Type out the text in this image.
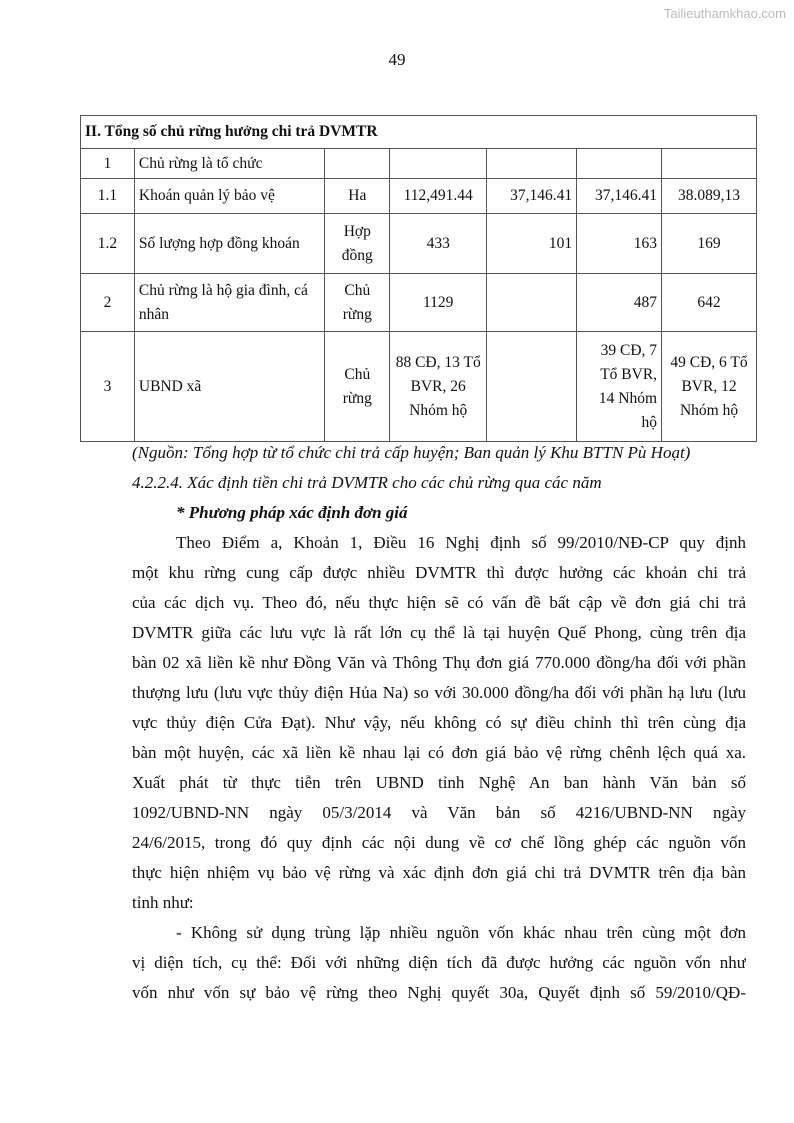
Tailieuthamkhao.com
49
II. Tổng số chủ rừng hưởng chi trả DVMTR						
1	Chủ rừng là tổ chức					
1.1	Khoán quản lý bảo vệ	Ha	112,491.44	37,146.41	37,146.41	38.089,13
1.2	Số lượng hợp đồng khoán	Hợp đồng	433	101	163	169
2	Chủ rừng là hộ gia đình, cá nhân	Chủ rừng	1129		487	642
3	UBND xã	Chủ rừng	88 CĐ, 13 Tổ BVR, 26 Nhóm hộ		39 CĐ, 7 Tổ BVR, 14 Nhóm hộ	49 CĐ, 6 Tổ BVR, 12 Nhóm hộ
(Nguồn: Tổng hợp từ tổ chức chi trả cấp huyện; Ban quản lý Khu BTTN Pù Hoạt)
4.2.2.4. Xác định tiền chi trả DVMTR cho các chủ rừng qua các năm
* Phương pháp xác định đơn giá
Theo Điểm a, Khoản 1, Điều 16 Nghị định số 99/2010/NĐ-CP quy định
một khu rừng cung cấp được nhiều DVMTR thì được hưởng các khoản chi trả
của các dịch vụ. Theo đó, nếu thực hiện sẽ có vấn đề bất cập về đơn giá chi trả
DVMTR giữa các lưu vực là rất lớn cụ thể là tại huyện Quế Phong, cùng trên địa
bàn 02 xã liền kề như Đồng Văn và Thông Thụ đơn giá 770.000 đồng/ha đối với phần
thượng lưu (lưu vực thủy điện Hủa Na) so với 30.000 đồng/ha đối với phần hạ lưu (lưu
vực thủy điện Cửa Đạt). Như vậy, nếu không có sự điều chỉnh thì trên cùng địa
bàn một huyện, các xã liền kề nhau lại có đơn giá bảo vệ rừng chênh lệch quá xa.
Xuất phát từ thực tiễn trên UBND tỉnh Nghệ An ban hành Văn bản số
1092/UBND-NN ngày 05/3/2014 và Văn bản số 4216/UBND-NN ngày
24/6/2015, trong đó quy định các nội dung về cơ chế lồng ghép các nguồn vốn
thực hiện nhiệm vụ bảo vệ rừng và xác định đơn giá chi trả DVMTR trên địa bàn
tỉnh như:
- Không sử dụng trùng lặp nhiều nguồn vốn khác nhau trên cùng một đơn
vị diện tích, cụ thể: Đối với những diện tích đã được hưởng các nguồn vốn như
vốn như vốn sự bảo vệ rừng theo Nghị quyết 30a, Quyết định số 59/2010/QĐ-
